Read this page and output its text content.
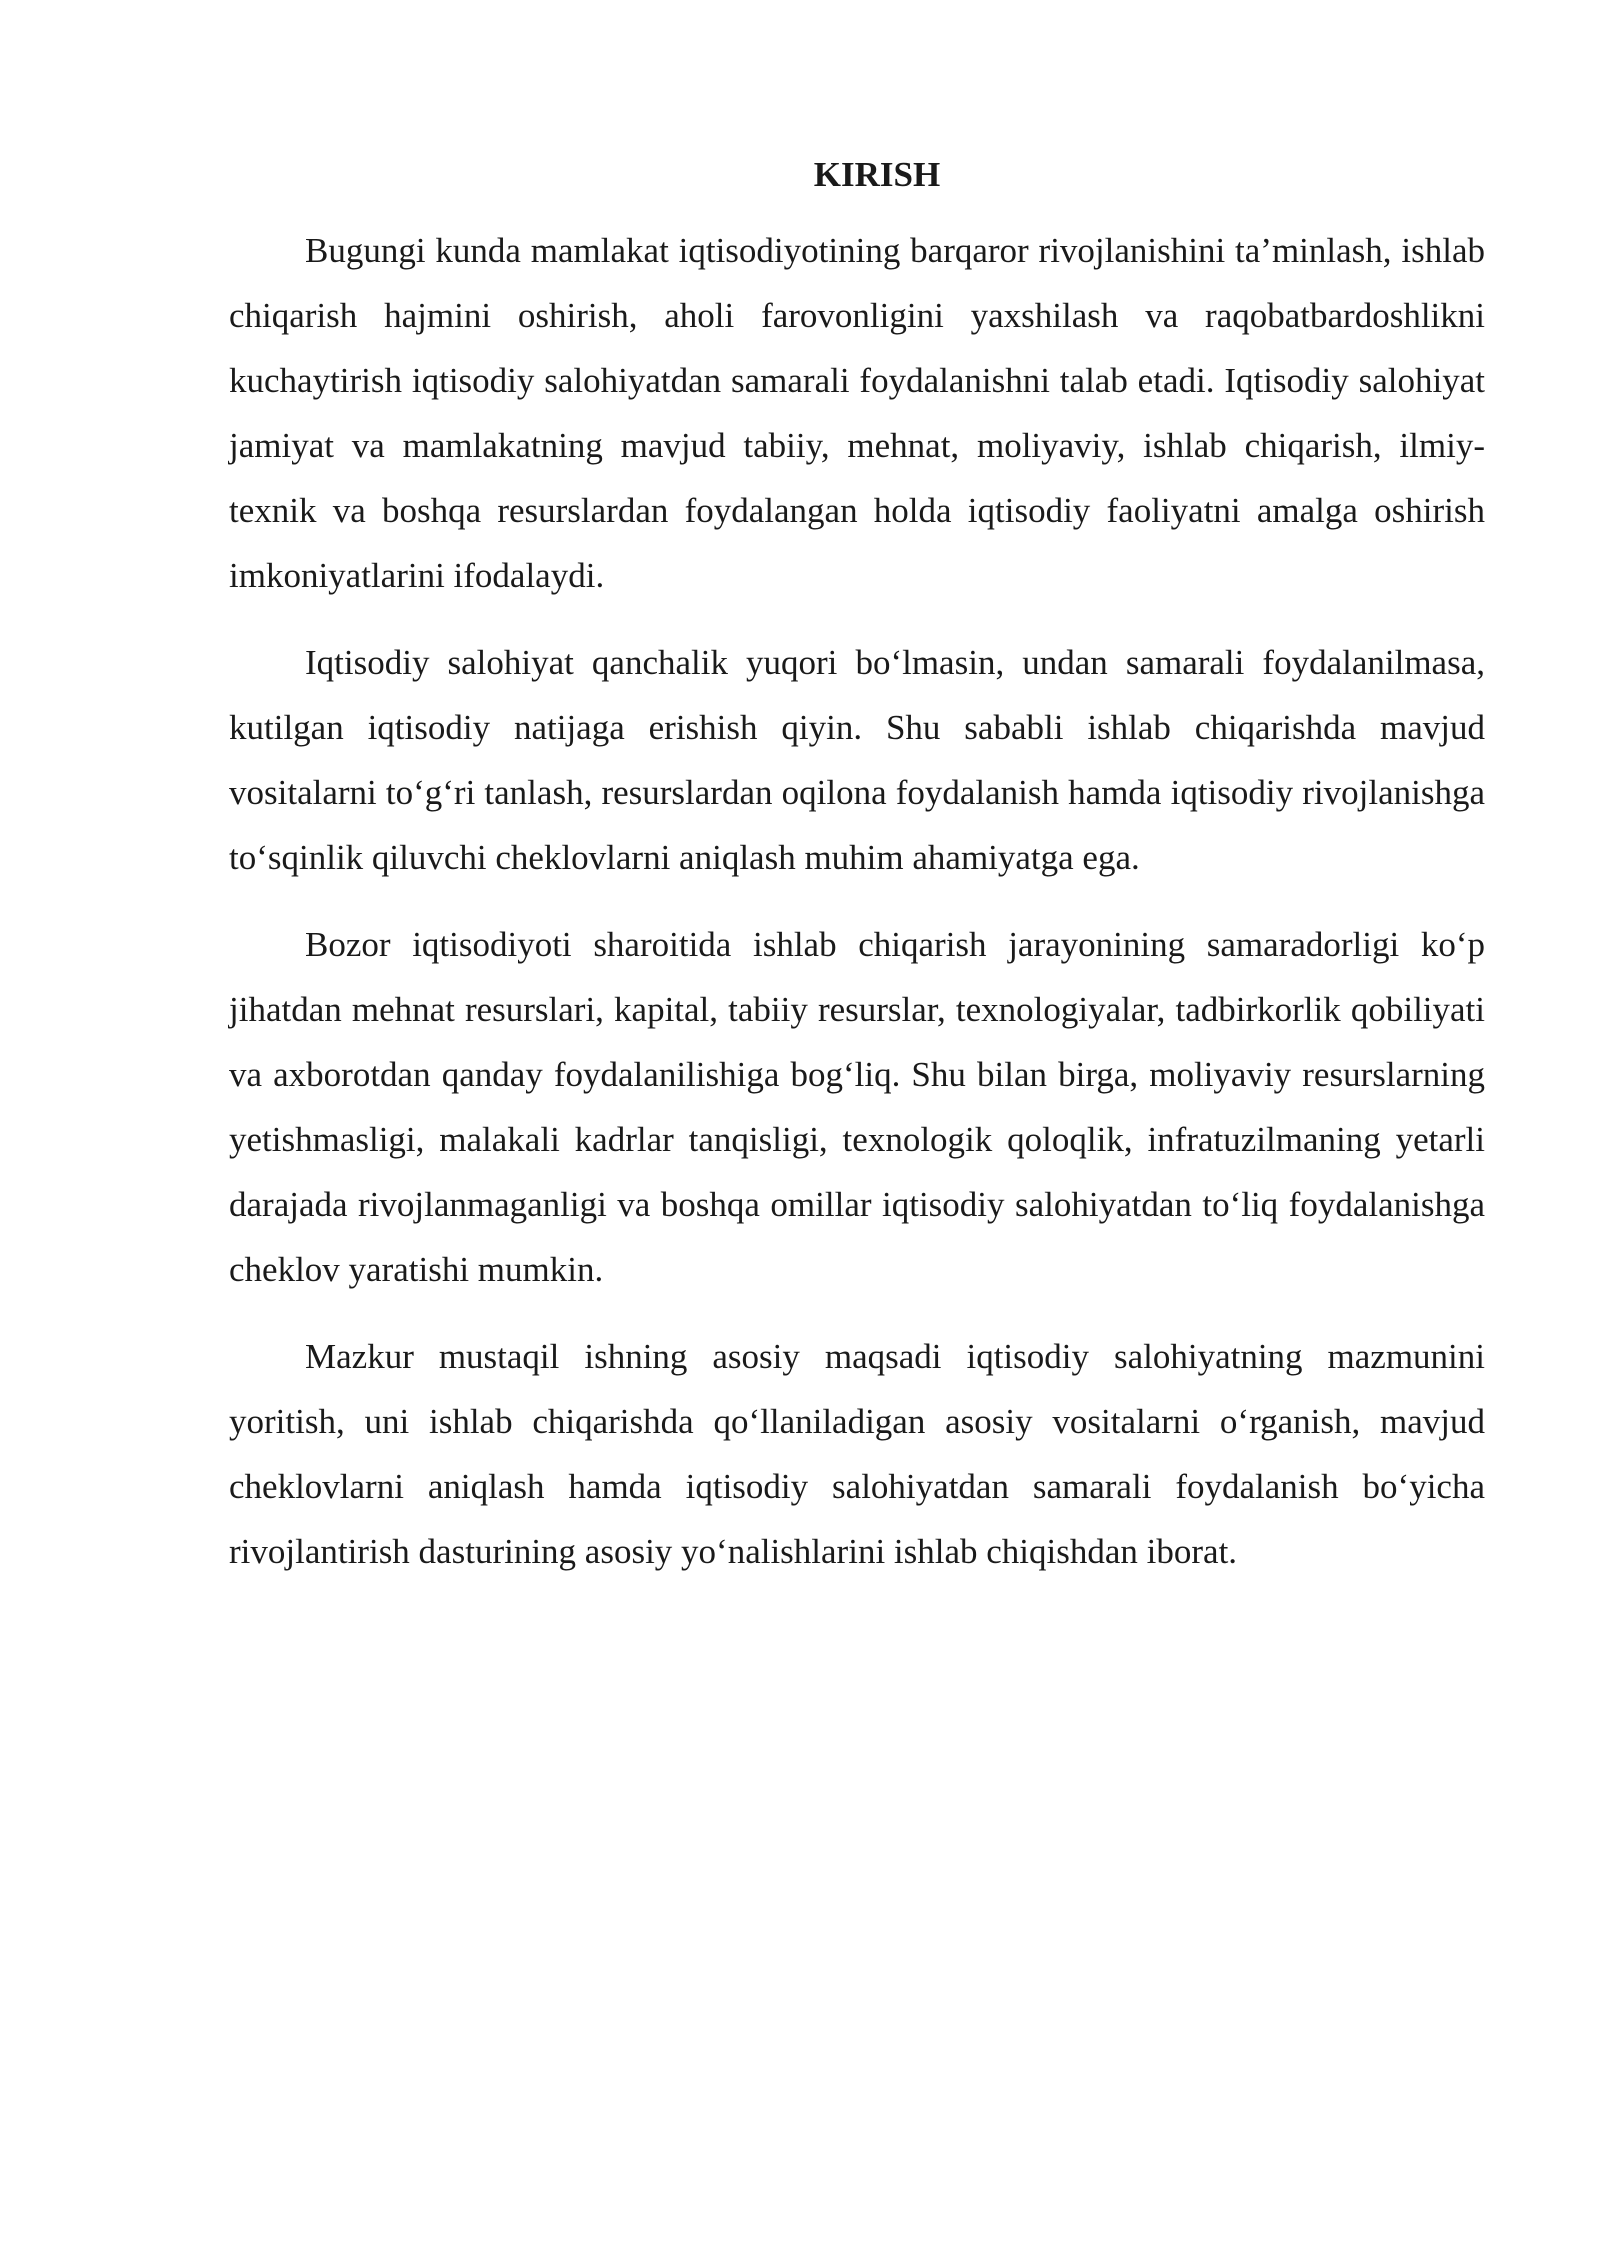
KIRISH

Bugungi kunda mamlakat iqtisodiyotining barqaror rivojlanishini ta’minlash, ishlab chiqarish hajmini oshirish, aholi farovonligini yaxshilash va raqobatbardoshlikni kuchaytirish iqtisodiy salohiyatdan samarali foydalanishni talab etadi. Iqtisodiy salohiyat jamiyat va mamlakatning mavjud tabiiy, mehnat, moliyaviy, ishlab chiqarish, ilmiy-texnik va boshqa resurslardan foydalangan holda iqtisodiy faoliyatni amalga oshirish imkoniyatlarini ifodalaydi.

Iqtisodiy salohiyat qanchalik yuqori bo‘lmasin, undan samarali foydalanilmasa, kutilgan iqtisodiy natijaga erishish qiyin. Shu sababli ishlab chiqarishda mavjud vositalarni to‘g‘ri tanlash, resurslardan oqilona foydalanish hamda iqtisodiy rivojlanishga to‘sqinlik qiluvchi cheklovlarni aniqlash muhim ahamiyatga ega.

Bozor iqtisodiyoti sharoitida ishlab chiqarish jarayonining samaradorligi ko‘p jihatdan mehnat resurslari, kapital, tabiiy resurslar, texnologiyalar, tadbirkorlik qobiliyati va axborotdan qanday foydalanilishiga bog‘liq. Shu bilan birga, moliyaviy resurslarning yetishmasligi, malakali kadrlar tanqisligi, texnologik qoloqlik, infratuzilmaning yetarli darajada rivojlanmaganligi va boshqa omillar iqtisodiy salohiyatdan to‘liq foydalanishga cheklov yaratishi mumkin.

Mazkur mustaqil ishning asosiy maqsadi iqtisodiy salohiyatning mazmunini yoritish, uni ishlab chiqarishda qo‘llaniladigan asosiy vositalarni o‘rganish, mavjud cheklovlarni aniqlash hamda iqtisodiy salohiyatdan samarali foydalanish bo‘yicha rivojlantirish dasturining asosiy yo‘nalishlarini ishlab chiqishdan iborat.
